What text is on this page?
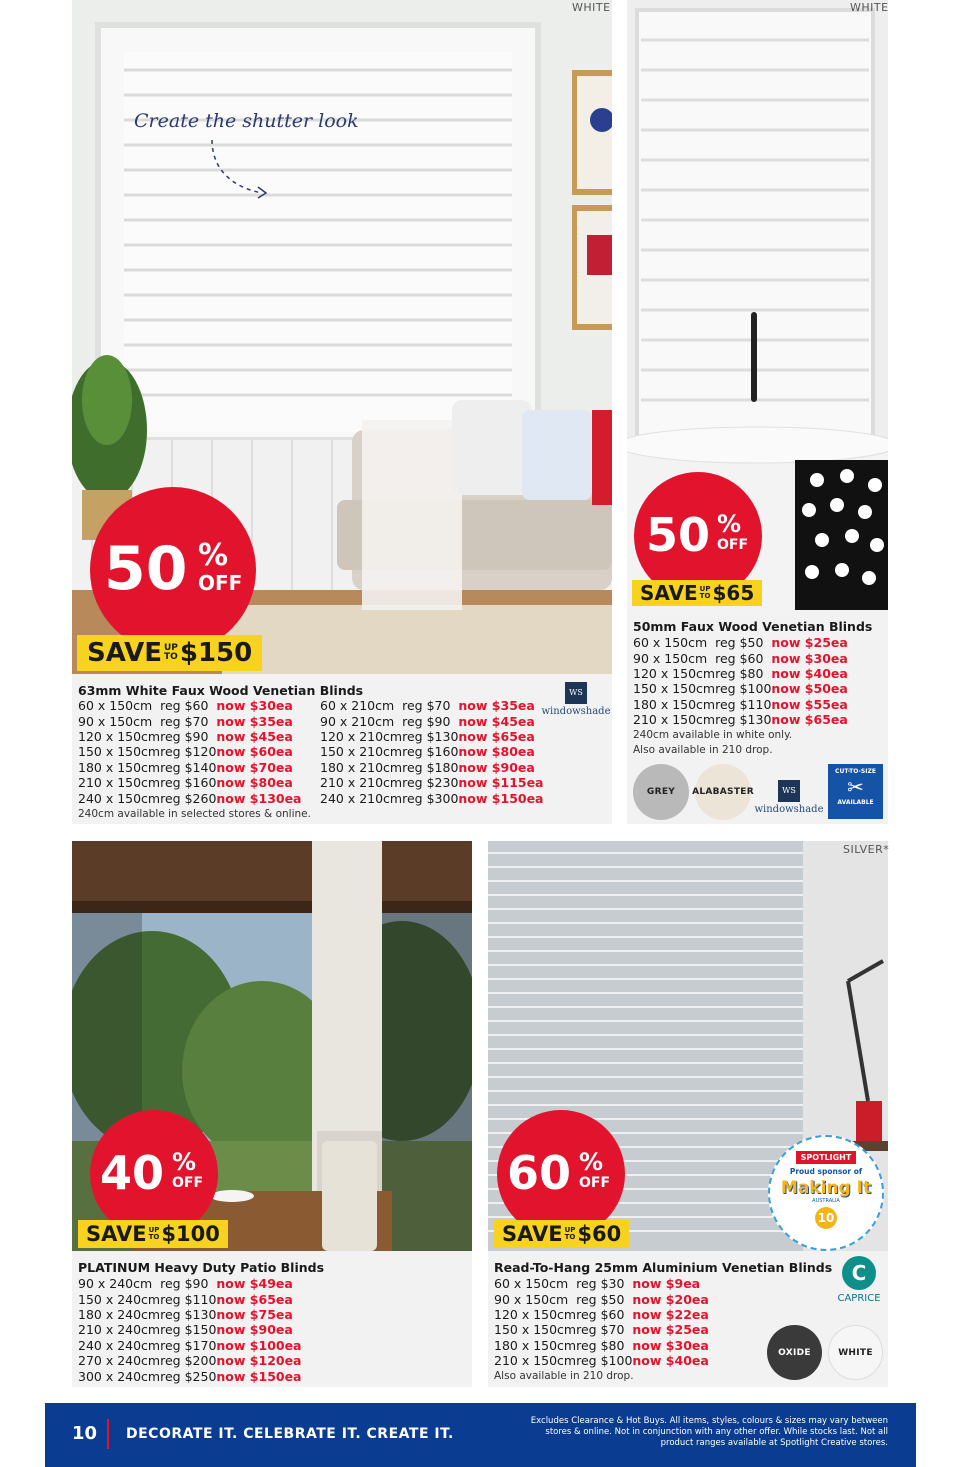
Create the shutter look
WHITE
50 %
OFF
SAVE UP
TO $150
63mm White Faux Wood Venetian Blinds
60 x 150cm	reg $60	now $30ea
90 x 150cm	reg $70	now $35ea
120 x 150cm	reg $90	now $45ea
150 x 150cm	reg $120	now $60ea
180 x 150cm	reg $140	now $70ea
210 x 150cm	reg $160	now $80ea
240 x 150cm	reg $260	now $130ea
60 x 210cm	reg $70	now $35ea
90 x 210cm	reg $90	now $45ea
120 x 210cm	reg $130	now $65ea
150 x 210cm	reg $160	now $80ea
180 x 210cm	reg $180	now $90ea
210 x 210cm	reg $230	now $115ea
240 x 210cm	reg $300	now $150ea
240cm available in selected stores & online.
WS
windowshade
WHITE
50 %
OFF
SAVE UP
TO $65
50mm Faux Wood Venetian Blinds
60 x 150cm	reg $50	now $25ea
90 x 150cm	reg $60	now $30ea
120 x 150cm	reg $80	now $40ea
150 x 150cm	reg $100	now $50ea
180 x 150cm	reg $110	now $55ea
210 x 150cm	reg $130	now $65ea
240cm available in white only.
Also available in 210 drop.
GREY	ALABASTER	WS
windowshade
CUT-TO-SIZE
✂
AVAILABLE
40 %
OFF
SAVE UP
TO $100
PLATINUM Heavy Duty Patio Blinds
90 x 240cm	reg $90	now $49ea
150 x 240cm	reg $110	now $65ea
180 x 240cm	reg $130	now $75ea
210 x 240cm	reg $150	now $90ea
240 x 240cm	reg $170	now $100ea
270 x 240cm	reg $200	now $120ea
300 x 240cm	reg $250	now $150ea
SILVER*
60 %
OFF
SAVE UP
TO $60
SPOTLIGHT
Proud sponsor of
Making It
AUSTRALIA
10
Read-To-Hang 25mm Aluminium Venetian Blinds
60 x 150cm	reg $30	now $9ea
90 x 150cm	reg $50	now $20ea
120 x 150cm	reg $60	now $22ea
150 x 150cm	reg $70	now $25ea
180 x 150cm	reg $80	now $30ea
210 x 150cm	reg $100	now $40ea
Also available in 210 drop.
C
CAPRICE
OXIDE	WHITE
10 DECORATE IT. CELEBRATE IT. CREATE IT.
Excludes Clearance & Hot Buys. All items, styles, colours & sizes may vary between stores & online. Not in conjunction with any other offer. While stocks last. Not all product ranges available at Spotlight Creative stores.
